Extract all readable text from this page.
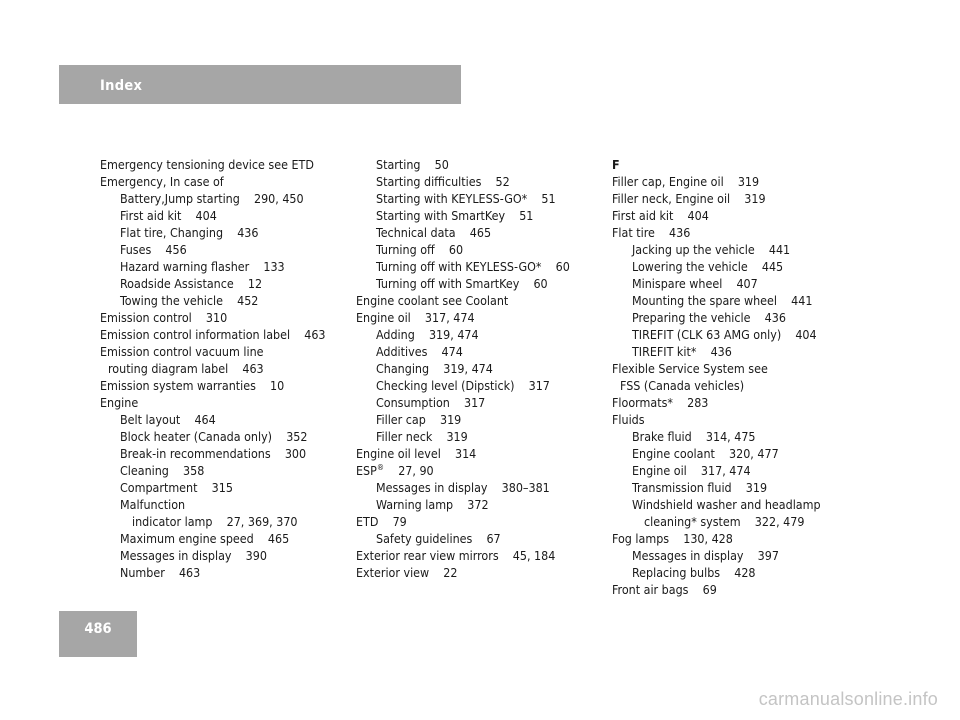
Index
Emergency tensioning device see ETD
Emergency, In case of
Battery,Jump starting    290, 450
First aid kit    404
Flat tire, Changing    436
Fuses    456
Hazard warning flasher    133
Roadside Assistance    12
Towing the vehicle    452
Emission control    310
Emission control information label    463
Emission control vacuum line
routing diagram label    463
Emission system warranties    10
Engine
Belt layout    464
Block heater (Canada only)    352
Break-in recommendations    300
Cleaning    358
Compartment    315
Malfunction
indicator lamp    27, 369, 370
Maximum engine speed    465
Messages in display    390
Number    463
Starting    50
Starting difficulties    52
Starting with KEYLESS-GO*    51
Starting with SmartKey    51
Technical data    465
Turning off    60
Turning off with KEYLESS-GO*    60
Turning off with SmartKey    60
Engine coolant see Coolant
Engine oil    317, 474
Adding    319, 474
Additives    474
Changing    319, 474
Checking level (Dipstick)    317
Consumption    317
Filler cap    319
Filler neck    319
Engine oil level    314
ESP®    27, 90
Messages in display    380–381
Warning lamp    372
ETD    79
Safety guidelines    67
Exterior rear view mirrors    45, 184
Exterior view    22
F
Filler cap, Engine oil    319
Filler neck, Engine oil    319
First aid kit    404
Flat tire    436
Jacking up the vehicle    441
Lowering the vehicle    445
Minispare wheel    407
Mounting the spare wheel    441
Preparing the vehicle    436
TIREFIT (CLK 63 AMG only)    404
TIREFIT kit*    436
Flexible Service System see
FSS (Canada vehicles)
Floormats*    283
Fluids
Brake fluid    314, 475
Engine coolant    320, 477
Engine oil    317, 474
Transmission fluid    319
Windshield washer and headlamp
cleaning* system    322, 479
Fog lamps    130, 428
Messages in display    397
Replacing bulbs    428
Front air bags    69
486
carmanualsonline.info
